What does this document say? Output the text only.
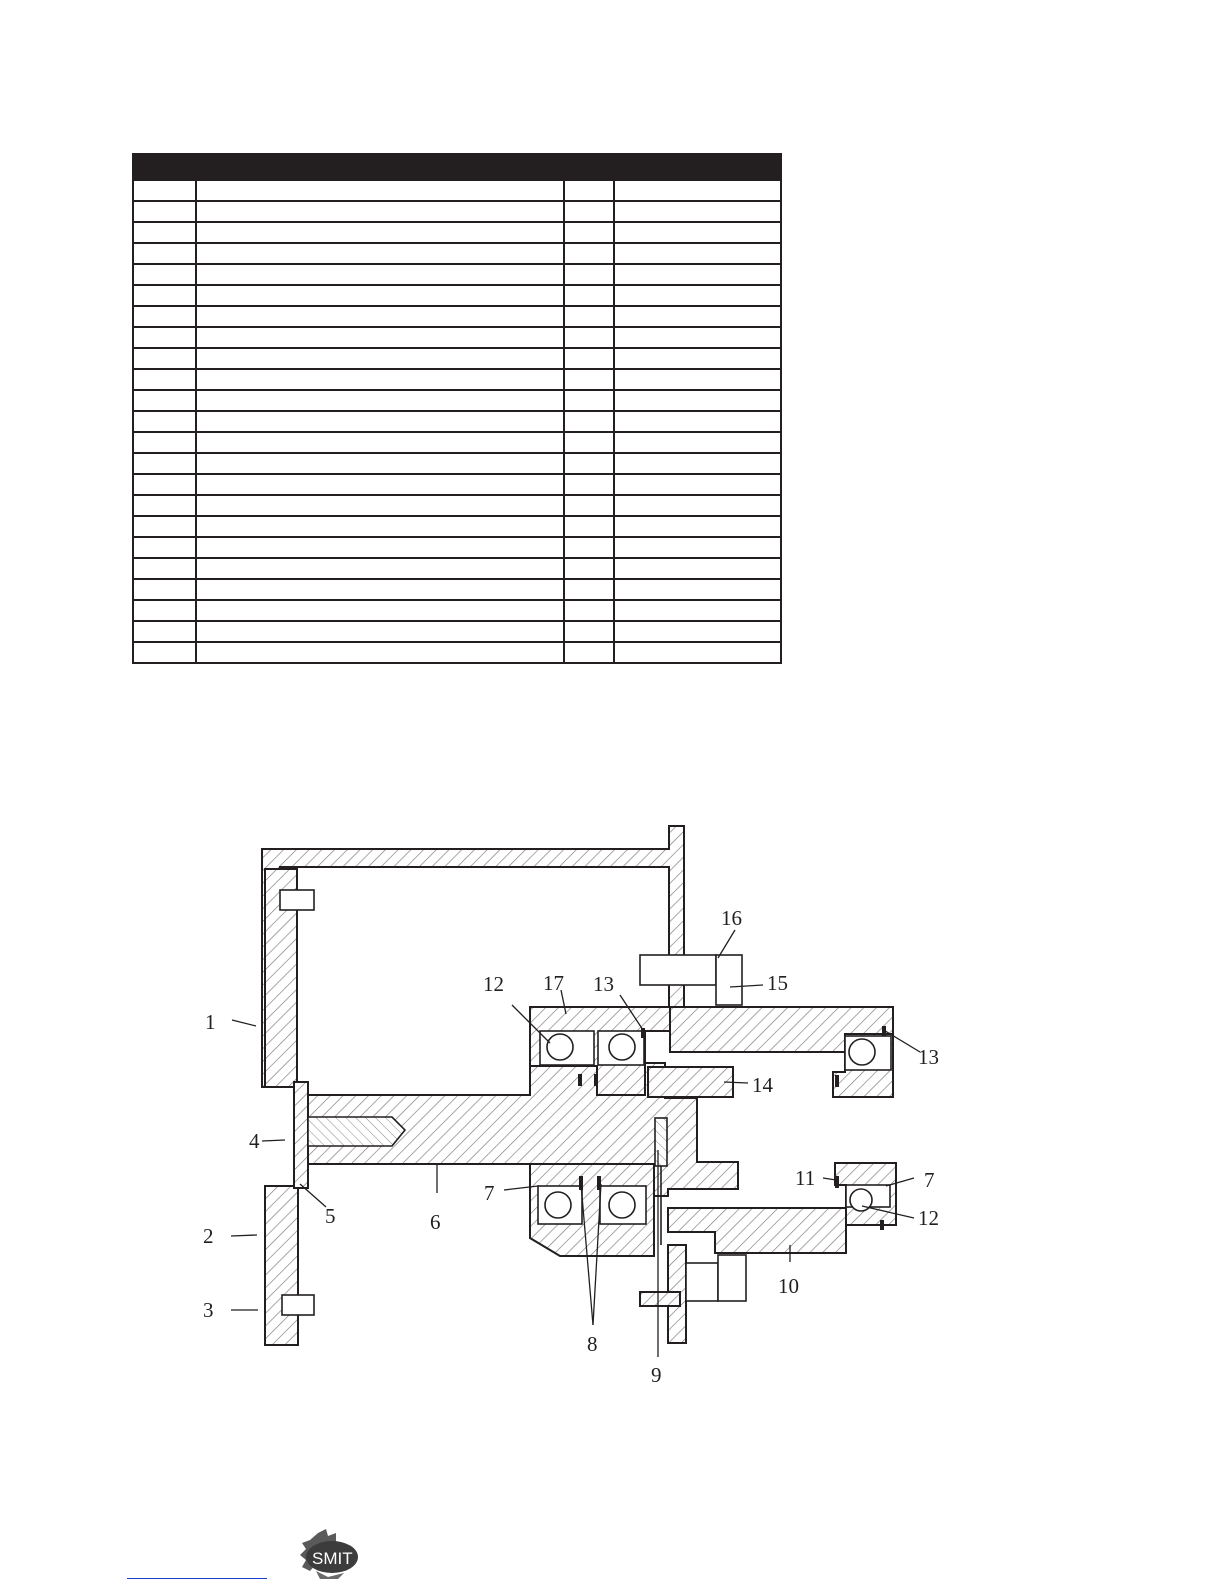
1
2
3
4
5	6
7
7
8
9
10
11
12
12
13
13
14
15
16
17
SMIT
